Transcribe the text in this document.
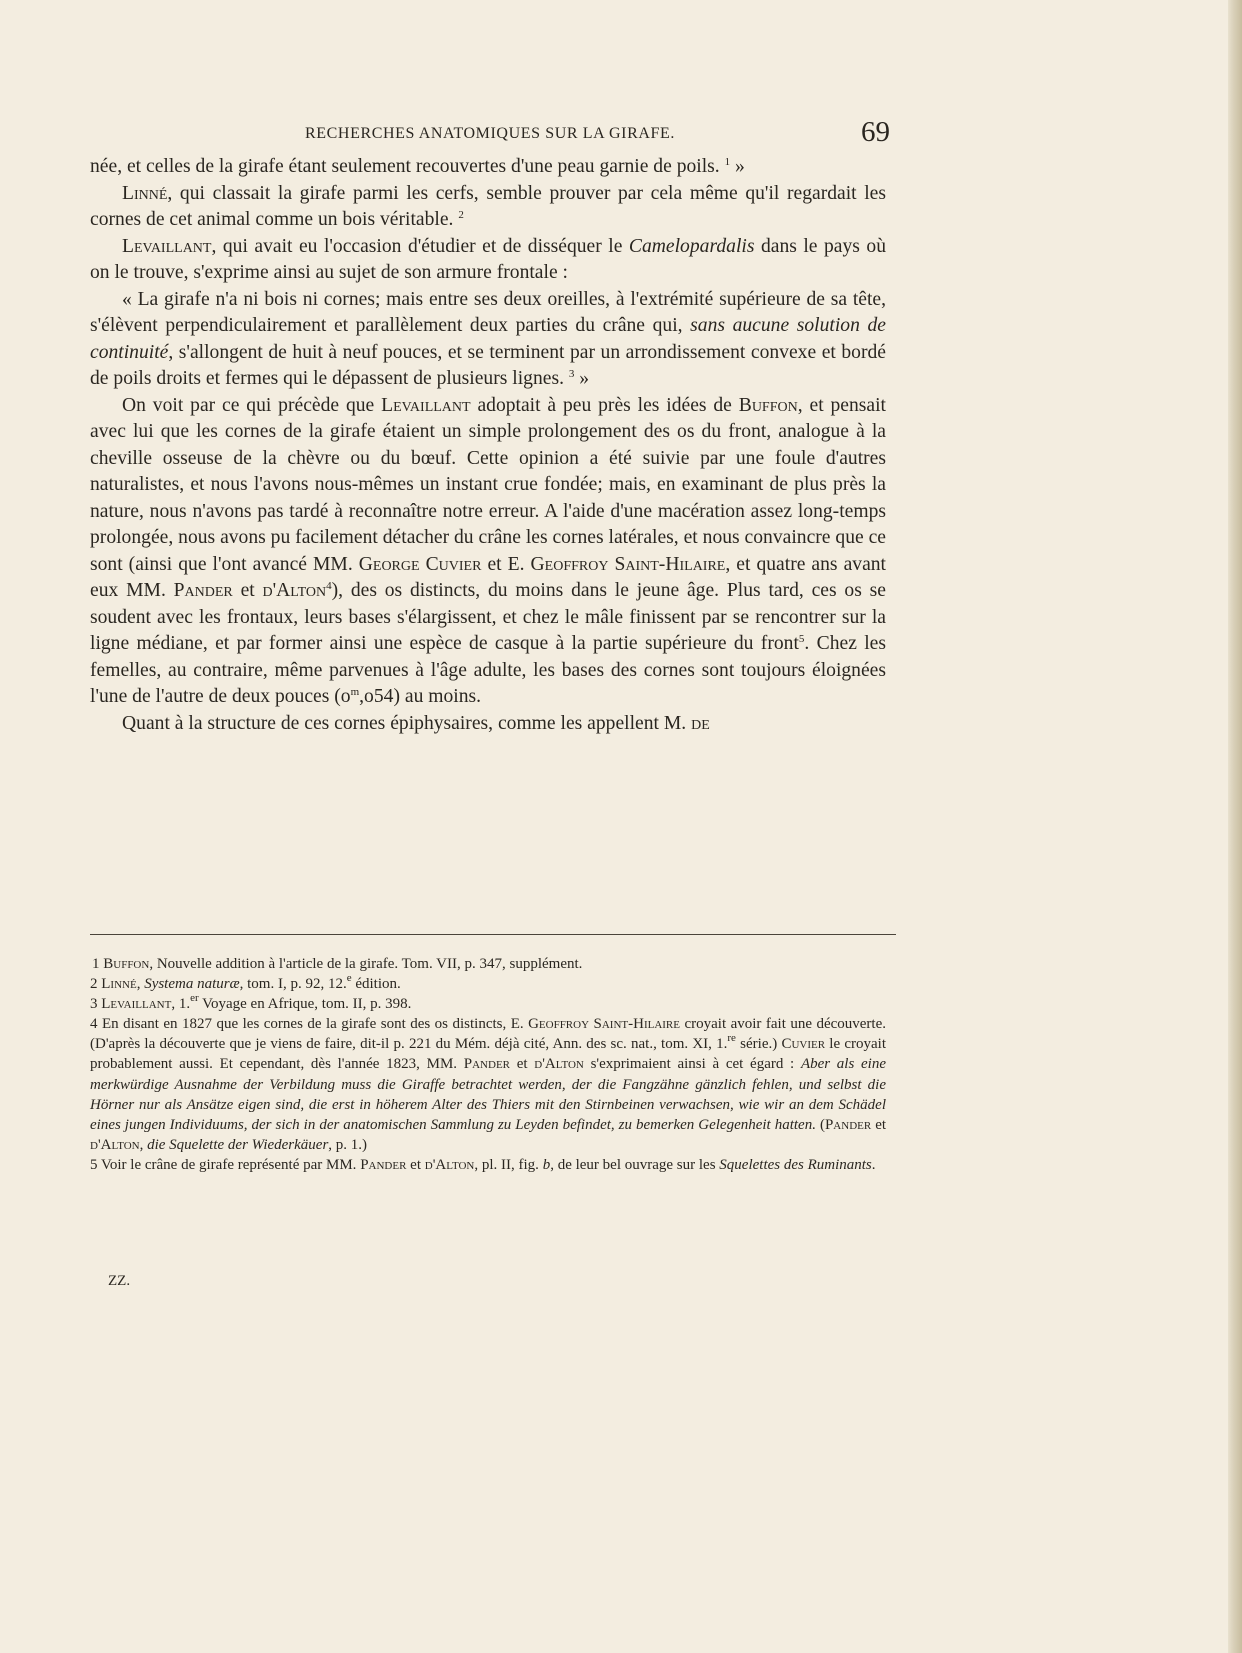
RECHERCHES ANATOMIQUES SUR LA GIRAFE.	69

née, et celles de la girafe étant seulement recouvertes d'une peau garnie de poils. $^1$ »

Linné, qui classait la girafe parmi les cerfs, semble prouver par cela même qu'il regardait les cornes de cet animal comme un bois véritable. $^2$

Levaillant, qui avait eu l'occasion d'étudier et de disséquer le Camelopardalis dans le pays où on le trouve, s'exprime ainsi au sujet de son armure frontale :

« La girafe n'a ni bois ni cornes; mais entre ses deux oreilles, à l'extrémité supérieure de sa tête, s'élèvent perpendiculairement et parallèlement deux parties du crâne qui, sans aucune solution de continuité, s'allongent de huit à neuf pouces, et se terminent par un arrondissement convexe et bordé de poils droits et fermes qui le dépassent de plusieurs lignes. $^3$ »

On voit par ce qui précède que Levaillant adoptait à peu près les idées de Buffon, et pensait avec lui que les cornes de la girafe étaient un simple prolongement des os du front, analogue à la cheville osseuse de la chèvre ou du bœuf. Cette opinion a été suivie par une foule d'autres naturalistes, et nous l'avons nous-mêmes un instant crue fondée; mais, en examinant de plus près la nature, nous n'avons pas tardé à reconnaître notre erreur. A l'aide d'une macération assez long-temps prolongée, nous avons pu facilement détacher du crâne les cornes latérales, et nous convaincre que ce sont (ainsi que l'ont avancé MM. George Cuvier et E. Geoffroy Saint-Hilaire, et quatre ans avant eux MM. Pander et d'Alton$^4$), des os distincts, du moins dans le jeune âge. Plus tard, ces os se soudent avec les frontaux, leurs bases s'élargissent, et chez le mâle finissent par se rencontrer sur la ligne médiane, et par former ainsi une espèce de casque à la partie supérieure du front$^5$. Chez les femelles, au contraire, même parvenues à l'âge adulte, les bases des cornes sont toujours éloignées l'une de l'autre de deux pouces $(o^m,o54)$ au moins.

Quant à la structure de ces cornes épiphysaires, comme les appellent M. de

1 Buffon, Nouvelle addition à l'article de la girafe. Tom. VII, p. 347, supplément.

2 Linné, Systema naturæ, tom. I, p. 92, 12.$^e$ édition.

3 Levaillant, 1.$^{er}$ Voyage en Afrique, tom. II, p. 398.

4 En disant en 1827 que les cornes de la girafe sont des os distincts, E. Geoffroy Saint-Hilaire croyait avoir fait une découverte. (D'après la découverte que je viens de faire, dit-il p. 221 du Mém. déjà cité, Ann. des sc. nat., tom. XI, 1.$^{re}$ série.) Cuvier le croyait probablement aussi. Et cependant, dès l'année 1823, MM. Pander et d'Alton s'exprimaient ainsi à cet égard : Aber als eine merkwürdige Ausnahme der Verbildung muss die Giraffe betrachtet werden, der die Fangzähne gänzlich fehlen, und selbst die Hörner nur als Ansätze eigen sind, die erst in höherem Alter des Thiers mit den Stirnbeinen verwachsen, wie wir an dem Schädel eines jungen Individuums, der sich in der anatomischen Sammlung zu Leyden befindet, zu bemerken Gelegenheit hatten. (Pander et d'Alton, die Squelette der Wiederkäuer, p. 1.)

5 Voir le crâne de girafe représenté par MM. Pander et d'Alton, pl. II, fig. b, de leur bel ouvrage sur les Squelettes des Ruminants.

ZZ.
